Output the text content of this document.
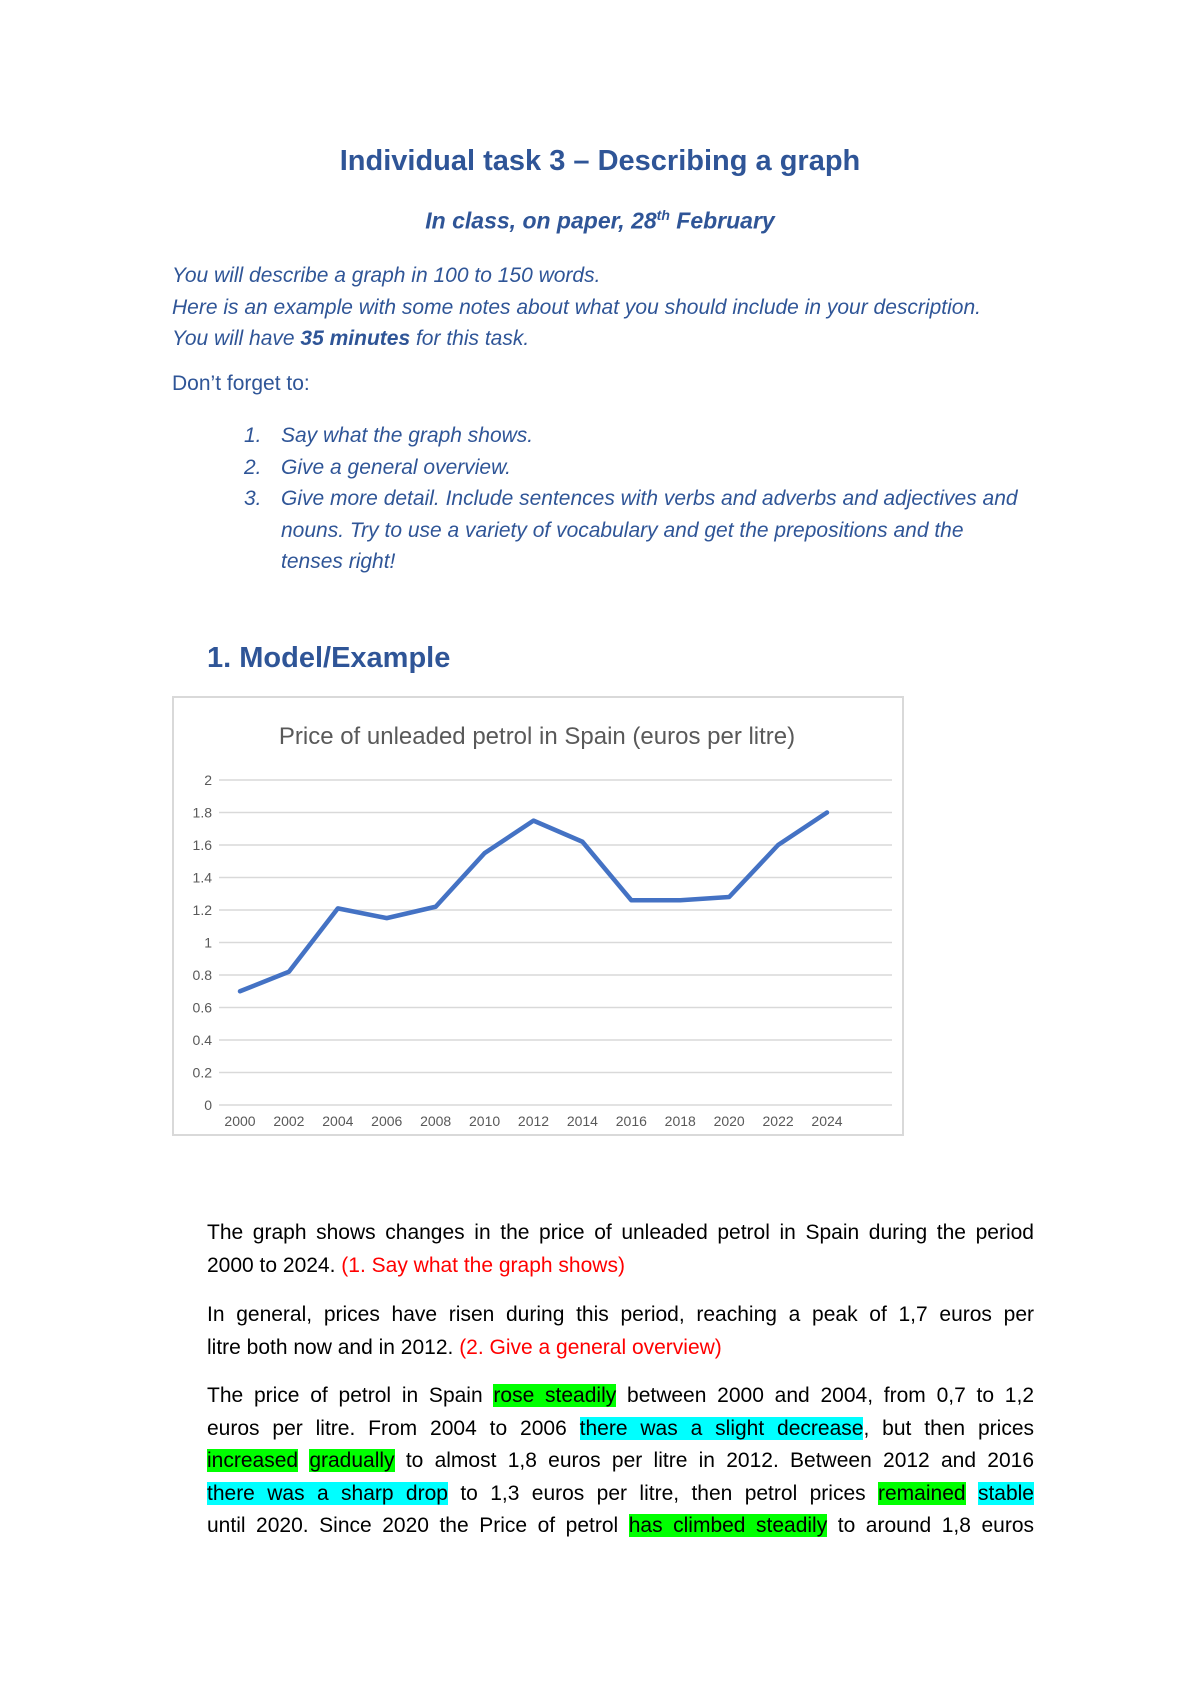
Individual task 3 – Describing a graph
In class, on paper, 28th February
You will describe a graph in 100 to 150 words.
Here is an example with some notes about what you should include in your description.
You will have 35 minutes for this task.
Don’t forget to:
1. Say what the graph shows.
2. Give a general overview.
3. Give more detail. Include sentences with verbs and adverbs and adjectives and nouns. Try to use a variety of vocabulary and get the prepositions and the tenses right!
1. Model/Example
Price of unleaded petrol in Spain (euros per litre)
0
0.2
0.4
0.6
0.8
1
1.2
1.4
1.6
1.8
2
2000 2002 2004 2006 2008 2010 2012 2014 2016 2018 2020 2022 2024
The graph shows changes in the price of unleaded petrol in Spain during the period
2000 to 2024. (1. Say what the graph shows)
In general, prices have risen during this period, reaching a peak of 1,7 euros per
litre both now and in 2012. (2. Give a general overview)
The price of petrol in Spain rose steadily between 2000 and 2004, from 0,7 to 1,2
euros per litre. From 2004 to 2006 there was a slight decrease, but then prices
increased gradually to almost 1,8 euros per litre in 2012. Between 2012 and 2016
there was a sharp drop to 1,3 euros per litre, then petrol prices remained stable
until 2020. Since 2020 the Price of petrol has climbed steadily to around 1,8 euros
